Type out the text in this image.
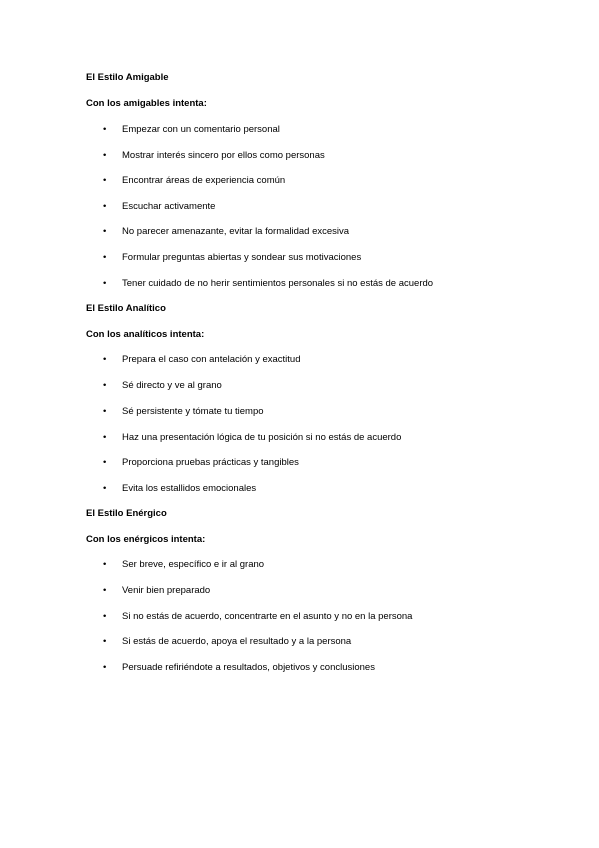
El Estilo Amigable
Con los amigables intenta:
• Empezar con un comentario personal
• Mostrar interés sincero por ellos como personas
• Encontrar áreas de experiencia común
• Escuchar activamente
• No parecer amenazante, evitar la formalidad excesiva
• Formular preguntas abiertas y sondear sus motivaciones
• Tener cuidado de no herir sentimientos personales si no estás de acuerdo
El Estilo Analítico
Con los analíticos intenta:
• Prepara el caso con antelación y exactitud
• Sé directo y ve al grano
• Sé persistente y tómate tu tiempo
• Haz una presentación lógica de tu posición si no estás de acuerdo
• Proporciona pruebas prácticas y tangibles
• Evita los estallidos emocionales
El Estilo Enérgico
Con los enérgicos intenta:
• Ser breve, específico e ir al grano
• Venir bien preparado
• Si no estás de acuerdo, concentrarte en el asunto y no en la persona
• Si estás de acuerdo, apoya el resultado y a la persona
• Persuade refiriéndote a resultados, objetivos y conclusiones
